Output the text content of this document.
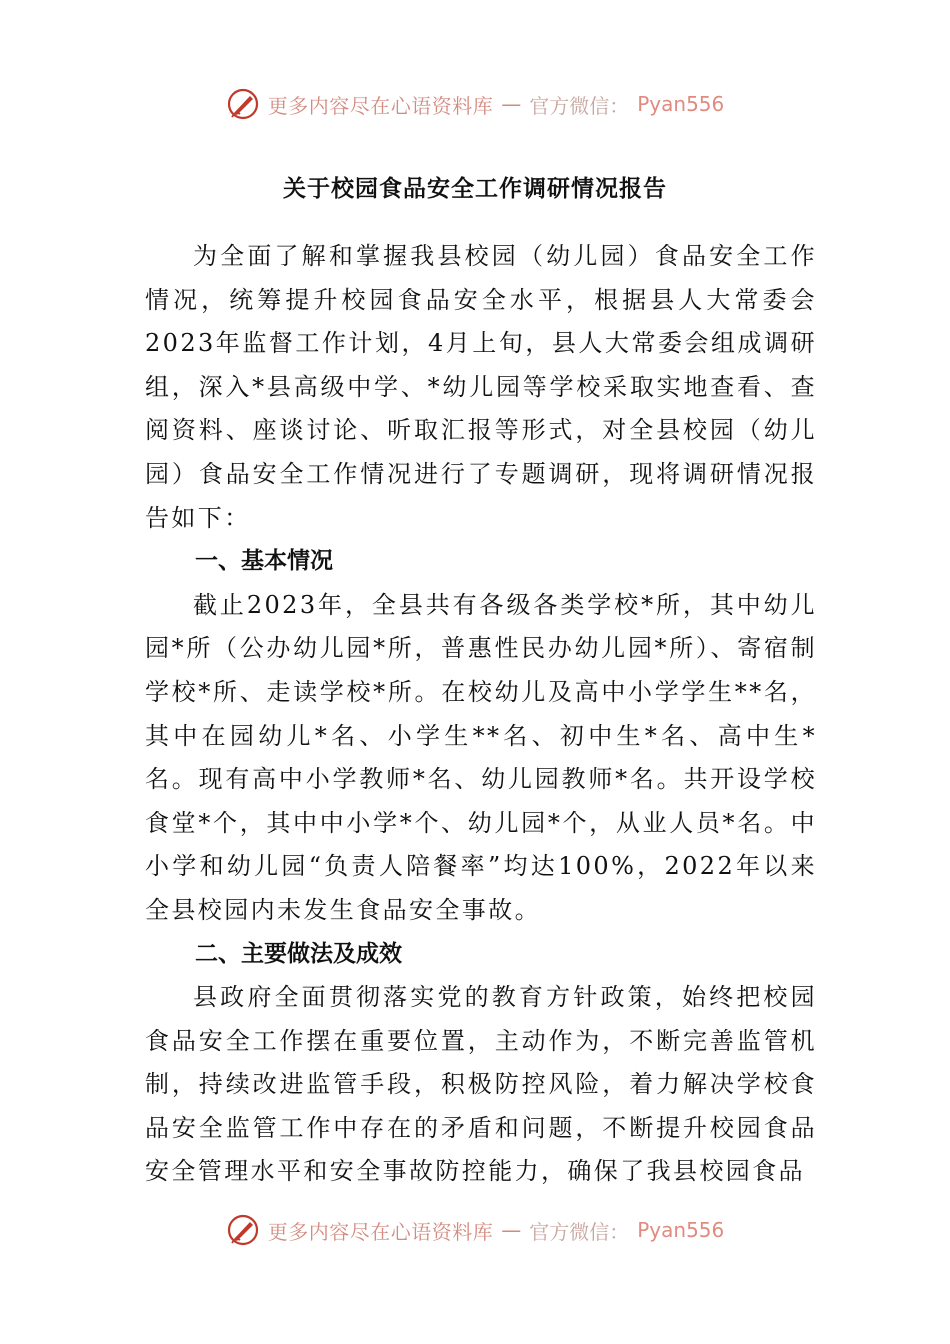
更多内容尽在心语资料库 — 官方微信： Pyan556
关于校园食品安全工作调研情况报告

为全面了解和掌握我县校园（幼儿园）食品安全工作情况，统筹提升校园食品安全水平，根据县人大常委会2023年监督工作计划，4月上旬，县人大常委会组成调研组，深入*县高级中学、*幼儿园等学校采取实地查看、查阅资料、座谈讨论、听取汇报等形式，对全县校园（幼儿园）食品安全工作情况进行了专题调研，现将调研情况报告如下：

一、基本情况

截止2023年，全县共有各级各类学校*所，其中幼儿园*所（公办幼儿园*所，普惠性民办幼儿园*所）、寄宿制学校*所、走读学校*所。在校幼儿及高中小学学生**名，其中在园幼儿*名、小学生**名、初中生*名、高中生*名。现有高中小学教师*名、幼儿园教师*名。共开设学校食堂*个，其中中小学*个、幼儿园*个，从业人员*名。中小学和幼儿园“负责人陪餐率”均达100%，2022年以来全县校园内未发生食品安全事故。

二、主要做法及成效

县政府全面贯彻落实党的教育方针政策，始终把校园食品安全工作摆在重要位置，主动作为，不断完善监管机制，持续改进监管手段，积极防控风险，着力解决学校食品安全监管工作中存在的矛盾和问题，不断提升校园食品安全管理水平和安全事故防控能力，确保了我县校园食品

更多内容尽在心语资料库 — 官方微信： Pyan556
